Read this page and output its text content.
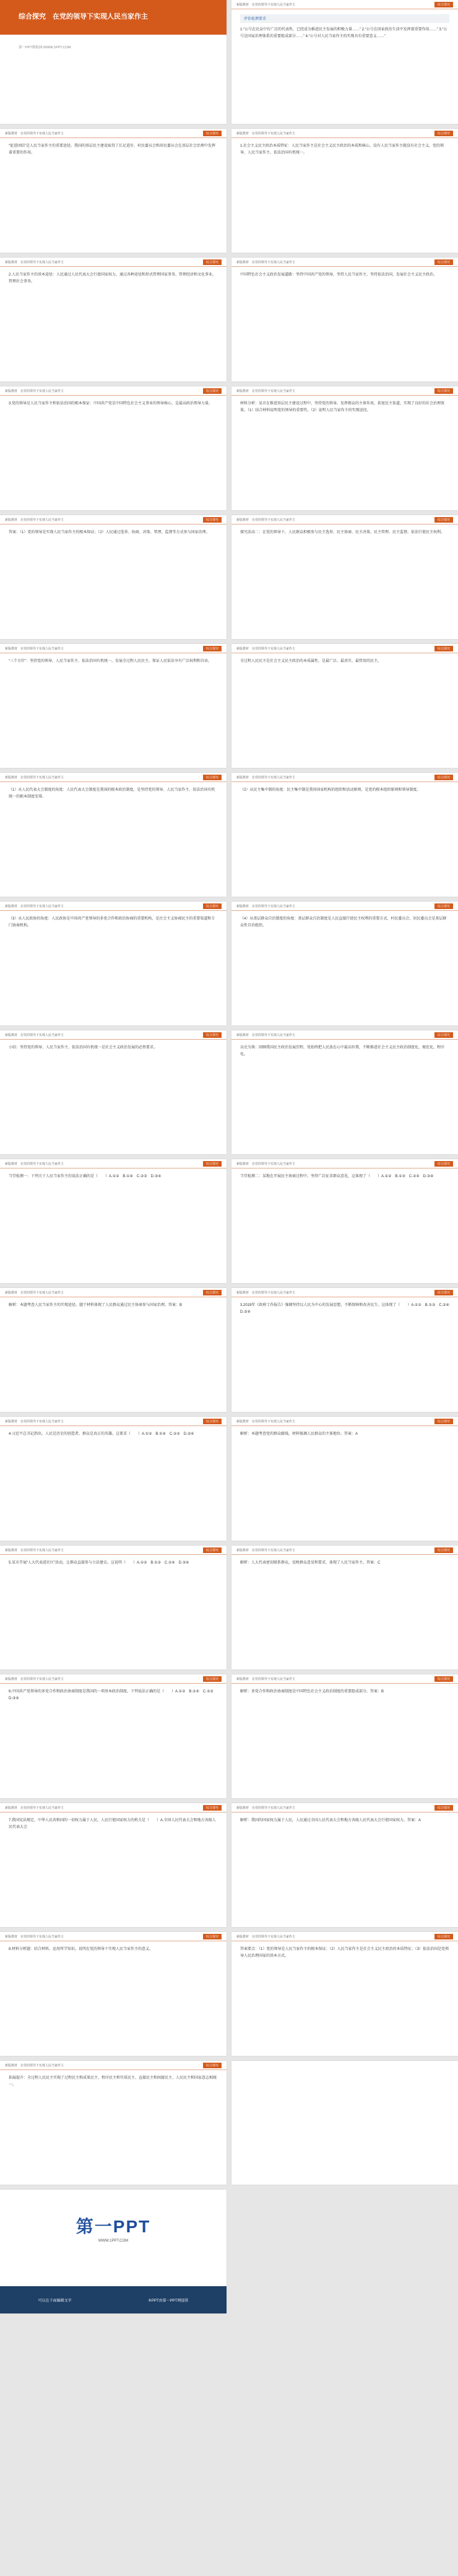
综合探究　在党的领导下实现人民当家作主
第一PPT模板网-WWW.1PPT.COM
新版教材　在党的领导下实现人民当家作主	综合探究
评估检测要求
1.“公号在民众中有广泛的代表性，已经成为推进民主发展的积极力量……” 2.“公号在国家政治生活中发挥着重要作用……” 3.“公号是国家治理体系的重要组成部分……” 4.“公号对人民当家作主的实现具有重要意义……”
新版教材　在党的领导下实现人民当家作主	综合探究
“促进团结”是人民当家作主的重要途径。我国的基层民主建设取得了长足进步，村民委员会和居民委员会在基层社会治理中发挥着重要的作用。
新版教材　在党的领导下实现人民当家作主	综合探究
1.社会主义民主政治本质特征：人民当家作主是社会主义民主政治的本质和核心，没有人民当家作主就没有社会主义。党的领导、人民当家作主、依法治国有机统一。
新版教材　在党的领导下实现人民当家作主	综合探究
2.人民当家作主的基本途径：人民通过人民代表大会行使国家权力，通过各种途径和形式管理国家事务，管理经济和文化事业，管理社会事务。
新版教材　在党的领导下实现人民当家作主	综合探究
中国特色社会主义政治发展道路：坚持中国共产党的领导，坚持人民当家作主，坚持依法治国，发展社会主义民主政治。
新版教材　在党的领导下实现人民当家作主	综合探究
3.党的领导是人民当家作主和依法治国的根本保证：中国共产党是中国特色社会主义事业的领导核心，是最高政治领导力量。
新版教材　在党的领导下实现人民当家作主	综合探究
材料分析：某市在推进基层民主建设过程中，坚持党的领导，发挥群众的主体作用，拓宽民主渠道，实现了良好的社会治理效果。（1）结合材料说明党的领导的重要性。（2）说明人民当家作主的实现途径。
新版教材　在党的领导下实现人民当家作主	综合探究
答案：（1）党的领导是实现人民当家作主的根本保证；（2）人民通过选举、协商、决策、管理、监督等方式参与国家治理。
新版教材　在党的领导下实现人民当家作主	综合探究
探究活动二：在党的领导下，人民群众积极参与民主选举、民主协商、民主决策、民主管理、民主监督，依法行使民主权利。
新版教材　在党的领导下实现人民当家作主	综合探究
“三个方针”：坚持党的领导、人民当家作主、依法治国有机统一。发展全过程人民民主，保证人民依法享有广泛权利和自由。
新版教材　在党的领导下实现人民当家作主	综合探究
全过程人民民主是社会主义民主政治的本质属性，是最广泛、最真实、最管用的民主。
新版教材　在党的领导下实现人民当家作主	综合探究
（1）从人民代表大会制度的角度：人民代表大会制度是我国的根本政治制度，是坚持党的领导、人民当家作主、依法治国有机统一的根本制度安排。
新版教材　在党的领导下实现人民当家作主	综合探究
（2）从民主集中制的角度：民主集中制是我国国家机构的组织和活动原则，是党的根本组织原则和领导制度。
新版教材　在党的领导下实现人民当家作主	综合探究
（3）从人民政协的角度：人民政协是中国共产党领导的多党合作和政治协商的重要机构，是社会主义协商民主的重要渠道和专门协商机构。
新版教材　在党的领导下实现人民当家作主	综合探究
（4）从基层群众自治制度的角度：基层群众自治制度是人民直接行使民主权利的重要方式，村民委员会、居民委员会是基层群众性自治组织。
新版教材　在党的领导下实现人民当家作主	综合探究
小结：坚持党的领导、人民当家作主、依法治国有机统一是社会主义政治发展的必然要求。
新版教材　在党的领导下实现人民当家作主	综合探究
以史为鉴：回顾我国民主政治发展历程，党始终把人民放在心中最高位置，不断推进社会主义民主政治制度化、规范化、程序化。
新版教材　在党的领导下实现人民当家作主	综合探究
当堂检测一：下列关于人民当家作主的说法正确的是（　　）A.①②　B.①④　C.②③　D.③④
新版教材　在党的领导下实现人民当家作主	综合探究
当堂检测二：某地在开展民主协商过程中，坚持广泛征求群众意见，这体现了（　　）A.①②　B.①③　C.②④　D.③④
新版教材　在党的领导下实现人民当家作主	综合探究
解析：本题考查人民当家作主的实现途径。题干材料体现了人民群众通过民主协商参与国家治理。答案：B
新版教材　在党的领导下实现人民当家作主	综合探究
3.2019年《政府工作报告》强调坚持以人民为中心的发展思想，不断保障和改善民生。这体现了（　　）A.①②　B.①③　C.②④　D.③④
新版教材　在党的领导下实现人民当家作主	综合探究
4.习近平总书记指出，人民是历史的创造者，群众是真正的英雄。这要求（　　）A.①②　B.①④　C.②③　D.③④
新版教材　在党的领导下实现人民当家作主	综合探究
解析：本题考查党的群众路线。材料强调人民群众的主体地位。答案：A
新版教材　在党的领导下实现人民当家作主	综合探究
5.某市开展“人大代表进社区”活动，让群众直接参与立法建议。这说明（　　）A.①②　B.①③　C.②④　D.③④
新版教材　在党的领导下实现人民当家作主	综合探究
解析：人大代表密切联系群众，反映群众意见和要求，体现了人民当家作主。答案：C
新版教材　在党的领导下实现人民当家作主	综合探究
6.中国共产党领导的多党合作和政治协商制度是我国的一项基本政治制度。下列说法正确的是（　　）A.①②　B.①④　C.②③　D.③④
新版教材　在党的领导下实现人民当家作主	综合探究
解析：多党合作和政治协商制度是中国特色社会主义政治制度的重要组成部分。答案：B
新版教材　在党的领导下实现人民当家作主	综合探究
7.我国宪法规定，中华人民共和国的一切权力属于人民。人民行使国家权力的机关是（　　）A.全国人民代表大会和地方各级人民代表大会
新版教材　在党的领导下实现人民当家作主	综合探究
解析：我国的国家权力属于人民，人民通过全国人民代表大会和地方各级人民代表大会行使国家权力。答案：A
新版教材　在党的领导下实现人民当家作主	综合探究
8.材料分析题：结合材料，运用所学知识，说明在党的领导下实现人民当家作主的意义。
新版教材　在党的领导下实现人民当家作主	综合探究
答案要点：（1）党的领导是人民当家作主的根本保证；（2）人民当家作主是社会主义民主政治的本质特征；（3）依法治国是党领导人民治理国家的基本方式。
新版教材　在党的领导下实现人民当家作主	综合探究
拓展提升：全过程人民民主实现了过程民主和成果民主、程序民主和实质民主、直接民主和间接民主、人民民主和国家意志相统一。
第一PPT
WWW.1PPT.COM
可以在下面编辑文字	本PPT由第一PPT网提供
